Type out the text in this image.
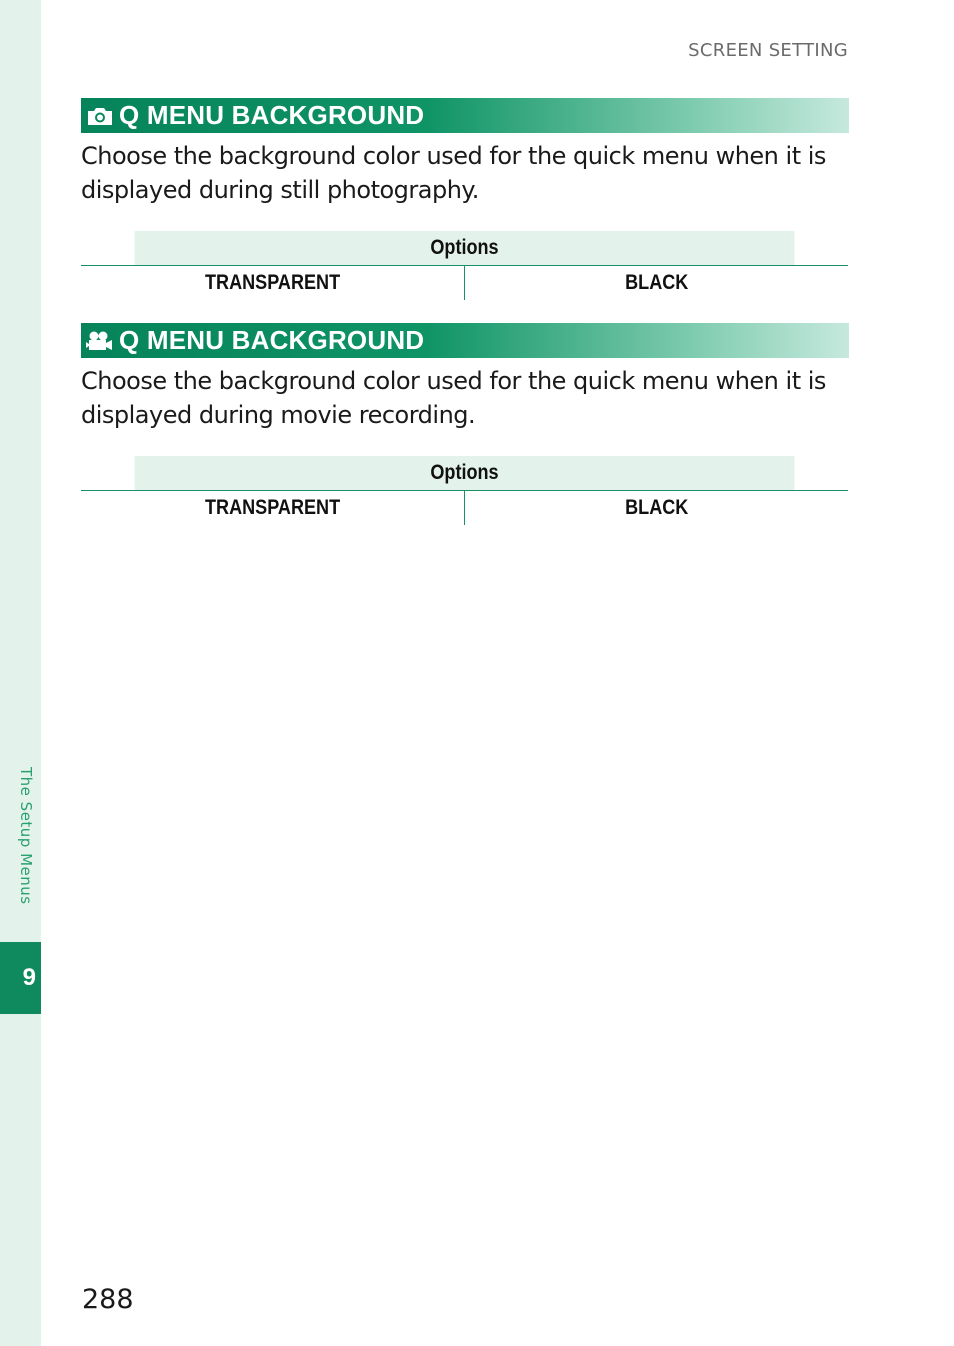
The Setup Menus
9
SCREEN SETTING
Q MENU BACKGROUND

Choose the background color used for the quick menu when it is displayed during still photography.

Options
TRANSPARENT	BLACK
Q MENU BACKGROUND

Choose the background color used for the quick menu when it is displayed during movie recording.

Options
TRANSPARENT	BLACK
288
